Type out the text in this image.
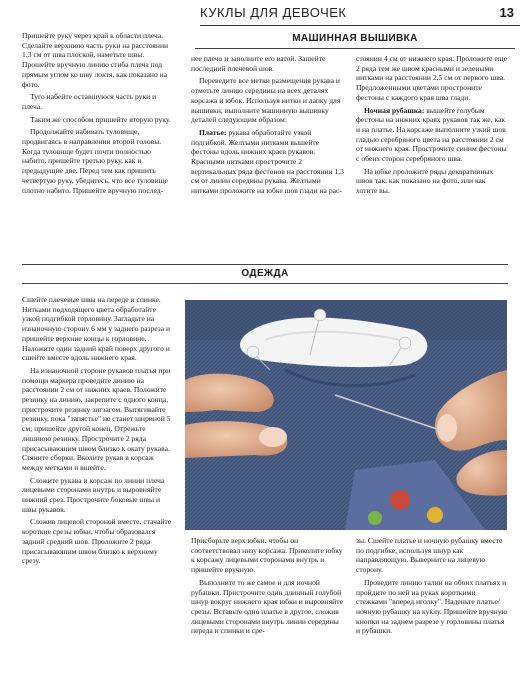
КУКЛЫ ДЛЯ ДЕВОЧЕК	13

Пришейте руку через край к области плеча. Сделайте верхнюю часть руки на расстоянии 1,3 см от шва плоской, наметьте швы. Прошейте вручную линию сгиба плеча под прямым углом ко шву локтя, как показано на фото.

Туго набейте оставшуюся часть руки и плеча.

Таким же способом пришейте вторую руку.

Продолжайте набивать туловище, продвигаясь в направлении второй головы. Когда туловище будет почти полностью набито, пришейте третью руку, как и предыдущие две. Перед тем как пришить четвертую руку, убедитесь, что все туловище плотно набито. Пришейте вручную послед-

МАШИННАЯ ВЫШИВКА

нее плечо и заполните его ватой. Зашейте последний плечевой шов.

Переведите все метки размещения рукава и отметьте линию середины на всех деталях корсажа и юбок. Используя нитки и лапку для вышивки, выполните машинную вышивку деталей следующим образом:

Платье: рукава обработайте узкой подгибкой. Желтыми нитками вышейте фестоны вдоль нижних краев рукавов. Красными нитками прострочите 2 вертикальных ряда фестонов на расстоянии 1,3 см от линии середины рукава. Желтыми нитками проложите на юбке шов глади на рас-

стоянии 4 см от нижнего края. Проложите еще 2 ряда тем же швом красными и зелеными нитками на расстоянии 2,5 см от первого шва. Предложенными цветами простроните фестоны с каждого края шва глади.

Ночная рубашка: вышейте голубым фестоны на нижних краях рукавов так же, как и на платье. На корсаже выполните узкий шов гладью серебряного цвета на расстоянии 2 см от нижнего края. Прострочите синим фестоны с обеих сторон серебряного шва.

На юбке проложите ряды декоративных швов так, как показано на фото, или как хотите вы.

ОДЕЖДА

Сшейте плечевые швы на переде и спинке. Нитками подходящего цвета обработайте узкой подгибкой горловину. Загладьте на изнаночную сторону 6 мм у заднего разреза и пришейте верхние концы к горловине. Наложите один задний край поверх другого и сшейте вместе вдоль нижнего края.

На изнаночной стороне рукавов платья при помощи маркера проведите линию на расстоянии 2 см от нижних краев. Положите резинку на линию, закрепите с одного конца, пристрочите резинку зигзагом. Вытягивайте резинку, пока "запястье" не станет шириной 5 см; пришейте другой конец. Отрежьте лишнюю резинку. Прострочите 2 ряда присасываюшим швом близко к окату рукава. Стяните сборки. Вколите рукав в корсаж между метками и вшейте.

Сложите рукава и корсаж по линии плеча лицевыми сторонами внутрь и выровняйте нижний срез. Прострочите боковые швы и швы рукавов.

Сложив лицевой стороной вместе, стачайте короткие срезы юбки, чтобы образовался задний средний шов. Проложите 2 ряда присасываюшим швом близко к верхнему срезу.

Присборьте верх юбки, чтобы он соответствовал низу корсажа. Приколите юбку к корсажу лицевыми сторонами внутрь и пришейте вручную.

Выполните то же самое и для ночной рубашки. Пристрочите один длинный голубой шнур вокруг нижнего края юбки и выровняйте срезы. Вставьте одно платье в другое, сложив лицевыми сторонами внутрь линии середины переда и спинки и сре-

зы. Сшейте платье и ночную рубашку вместе по подгибке, используя шнур как направляющую. Выверните на лицевую сторону.

Проведите линию талии на обоих платьях и пройдите по ней на руках короткими стежками "вперед иголку". Наденьте платье/ночную рубашку на куклу. Пришейте вручную кнопки на заднем разрезе у горловины платья и рубашки.
